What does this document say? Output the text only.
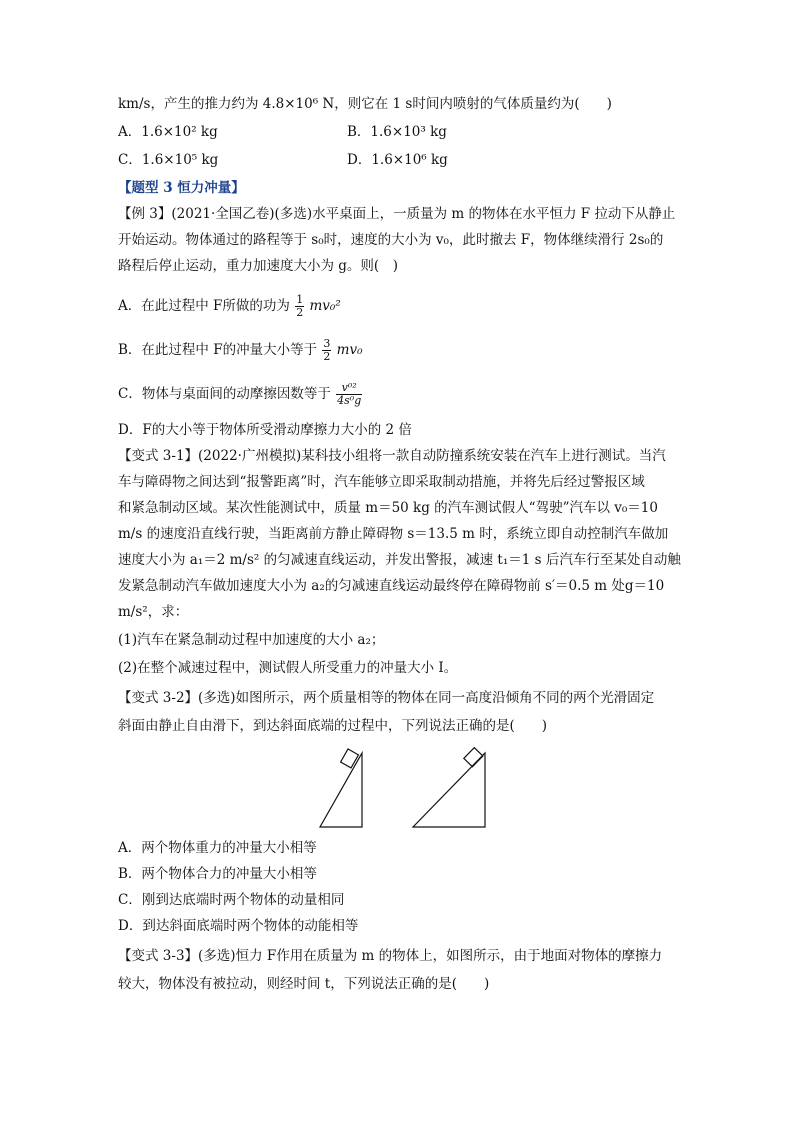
km/s，产生的推力约为 4.8×10⁶ N，则它在 1 s时间内喷射的气体质量约为(　　)
A．1.6×10² kg	B．1.6×10³ kg
C．1.6×10⁵ kg	D．1.6×10⁶ kg
【题型 3 恒力冲量】
【例 3】(2021·全国乙卷)(多选)水平桌面上，一质量为 m 的物体在水平恒力 F 拉动下从静止
开始运动。物体通过的路程等于 s₀时，速度的大小为 v₀，此时撤去 F，物体继续滑行 2s₀的
路程后停止运动，重力加速度大小为 g。则(　)
A．在此过程中 F所做的功为 $\frac{1}{2} mv_0^2$
B．在此过程中 F的冲量大小等于 $\frac{3}{2} mv_0$
C．物体与桌面间的动摩擦因数等于 $\frac{\text{v⁰²}}{\text{4s⁰g}}$
D．F的大小等于物体所受滑动摩擦力大小的 2 倍
【变式 3-1】(2022·广州模拟)某科技小组将一款自动防撞系统安装在汽车上进行测试。当汽
车与障碍物之间达到“报警距离”时，汽车能够立即采取制动措施，并将先后经过警报区域
和紧急制动区域。某次性能测试中，质量 m＝50 kg 的汽车测试假人“驾驶”汽车以 v₀＝10
m/s 的速度沿直线行驶，当距离前方静止障碍物 s＝13.5 m 时，系统立即自动控制汽车做加
速度大小为 a₁＝2 m/s² 的匀减速直线运动，并发出警报，减速 t₁＝1 s 后汽车行至某处自动触
发紧急制动汽车做加速度大小为 a₂的匀减速直线运动最终停在障碍物前 s′＝0.5 m 处g＝10
m/s²，求：
(1)汽车在紧急制动过程中加速度的大小 a₂；
(2)在整个减速过程中，测试假人所受重力的冲量大小 I。
【变式 3-2】(多选)如图所示，两个质量相等的物体在同一高度沿倾角不同的两个光滑固定
斜面由静止自由滑下，到达斜面底端的过程中，下列说法正确的是(　　)
A．两个物体重力的冲量大小相等
B．两个物体合力的冲量大小相等
C．刚到达底端时两个物体的动量相同
D．到达斜面底端时两个物体的动能相等
【变式 3-3】(多选)恒力 F作用在质量为 m 的物体上，如图所示，由于地面对物体的摩擦力
较大，物体没有被拉动，则经时间 t，下列说法正确的是(　　)
